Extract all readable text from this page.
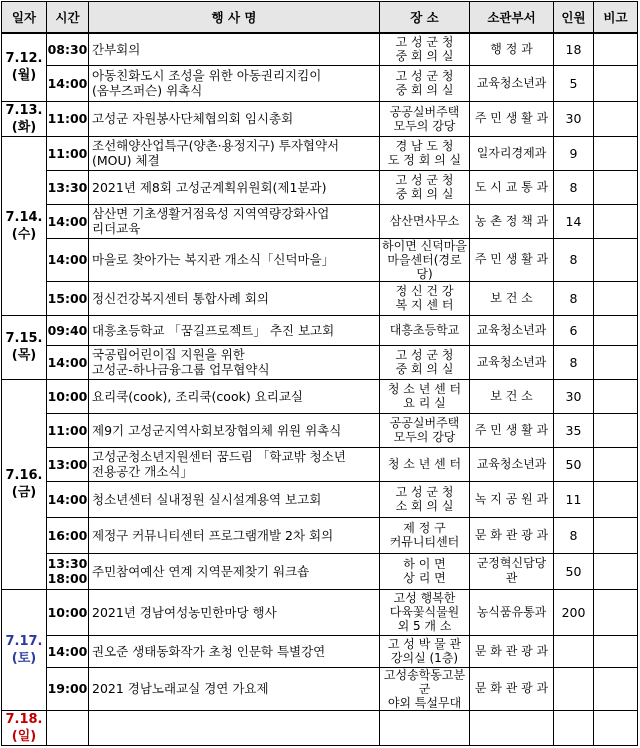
일자	시간	행 사 명	장 소	소관부서	인원	비고

7.12.
(월)	08:30	간부회의	고 성 군 청
중 회 의 실	행 정 과	18	

	14:00	아동친화도시 조성을 위한 아동권리지킴이
(옴부즈퍼슨) 위촉식	고 성 군 청
중 회 의 실	교육청소년과	5	

7.13.
(화)	11:00	고성군 자원봉사단체협의회 임시총회	공공실버주택
모두의 강당	주 민 생 활 과	30	

7.14.
(수)	11:00	조선해양산업특구(양촌·용정지구) 투자협약서
(MOU) 체결	경 남 도 청
도 정 회 의 실	일자리경제과	9	

	13:30	2021년 제8회 고성군계획위원회(제1분과)	고 성 군 청
중 회 의 실	도 시 교 통 과	8	

	14:00	삼산면 기초생활거점육성 지역역량강화사업
리더교육	삼산면사무소	농 촌 정 책 과	14	

	14:00	마을로 찾아가는 복지관 개소식「신덕마을」	하이면 신덕마을
마을센터(경로당)	주 민 생 활 과	8	

	15:00	정신건강복지센터 통합사례 회의	정 신 건 강
복 지 센 터	보 건 소	8	

7.15.
(목)	09:40	대흥초등학교 「꿈길프로젝트」 추진 보고회	대흥초등학교	교육청소년과	6	

	14:00	국공립어린이집 지원을 위한
고성군-하나금융그룹 업무협약식	고 성 군 청
중 회 의 실	교육청소년과	8	

7.16.
(금)	10:00	요리쿡(cook), 조리쿡(cook) 요리교실	청 소 년 센 터
요 리 실	보 건 소	30	

	11:00	제9기 고성군지역사회보장협의체 위원 위촉식	공공실버주택
모두의 강당	주 민 생 활 과	35	

	13:00	고성군청소년지원센터 꿈드림 「학교밖 청소년
전용공간 개소식」	청 소 년 센 터	교육청소년과	50	

	14:00	청소년센터 실내정원 실시설계용역 보고회	고 성 군 청
소 회 의 실	녹 지 공 원 과	11	

	16:00	제정구 커뮤니티센터 프로그램개발 2차 회의	제 정 구
커뮤니티센터	문 화 관 광 과	8	

	13:30
18:00	주민참여예산 연계 지역문제찾기 워크숍	하 이 면
상 리 면	군정혁신담당관	50	

7.17.
(토)	10:00	2021년 경남여성농민한마당 행사	고성 행복한
다육꽃식물원
외 5 개 소	농식품유통과	200	

	14:00	권오준 생태동화작가 초청 인문학 특별강연	고 성 박 물 관
강의실 (1층)	문 화 관 광 과		

	19:00	2021 경남노래교실 경연 가요제	고성송학동고분군
야외 특설무대	문 화 관 광 과		

7.18.
(일)						
